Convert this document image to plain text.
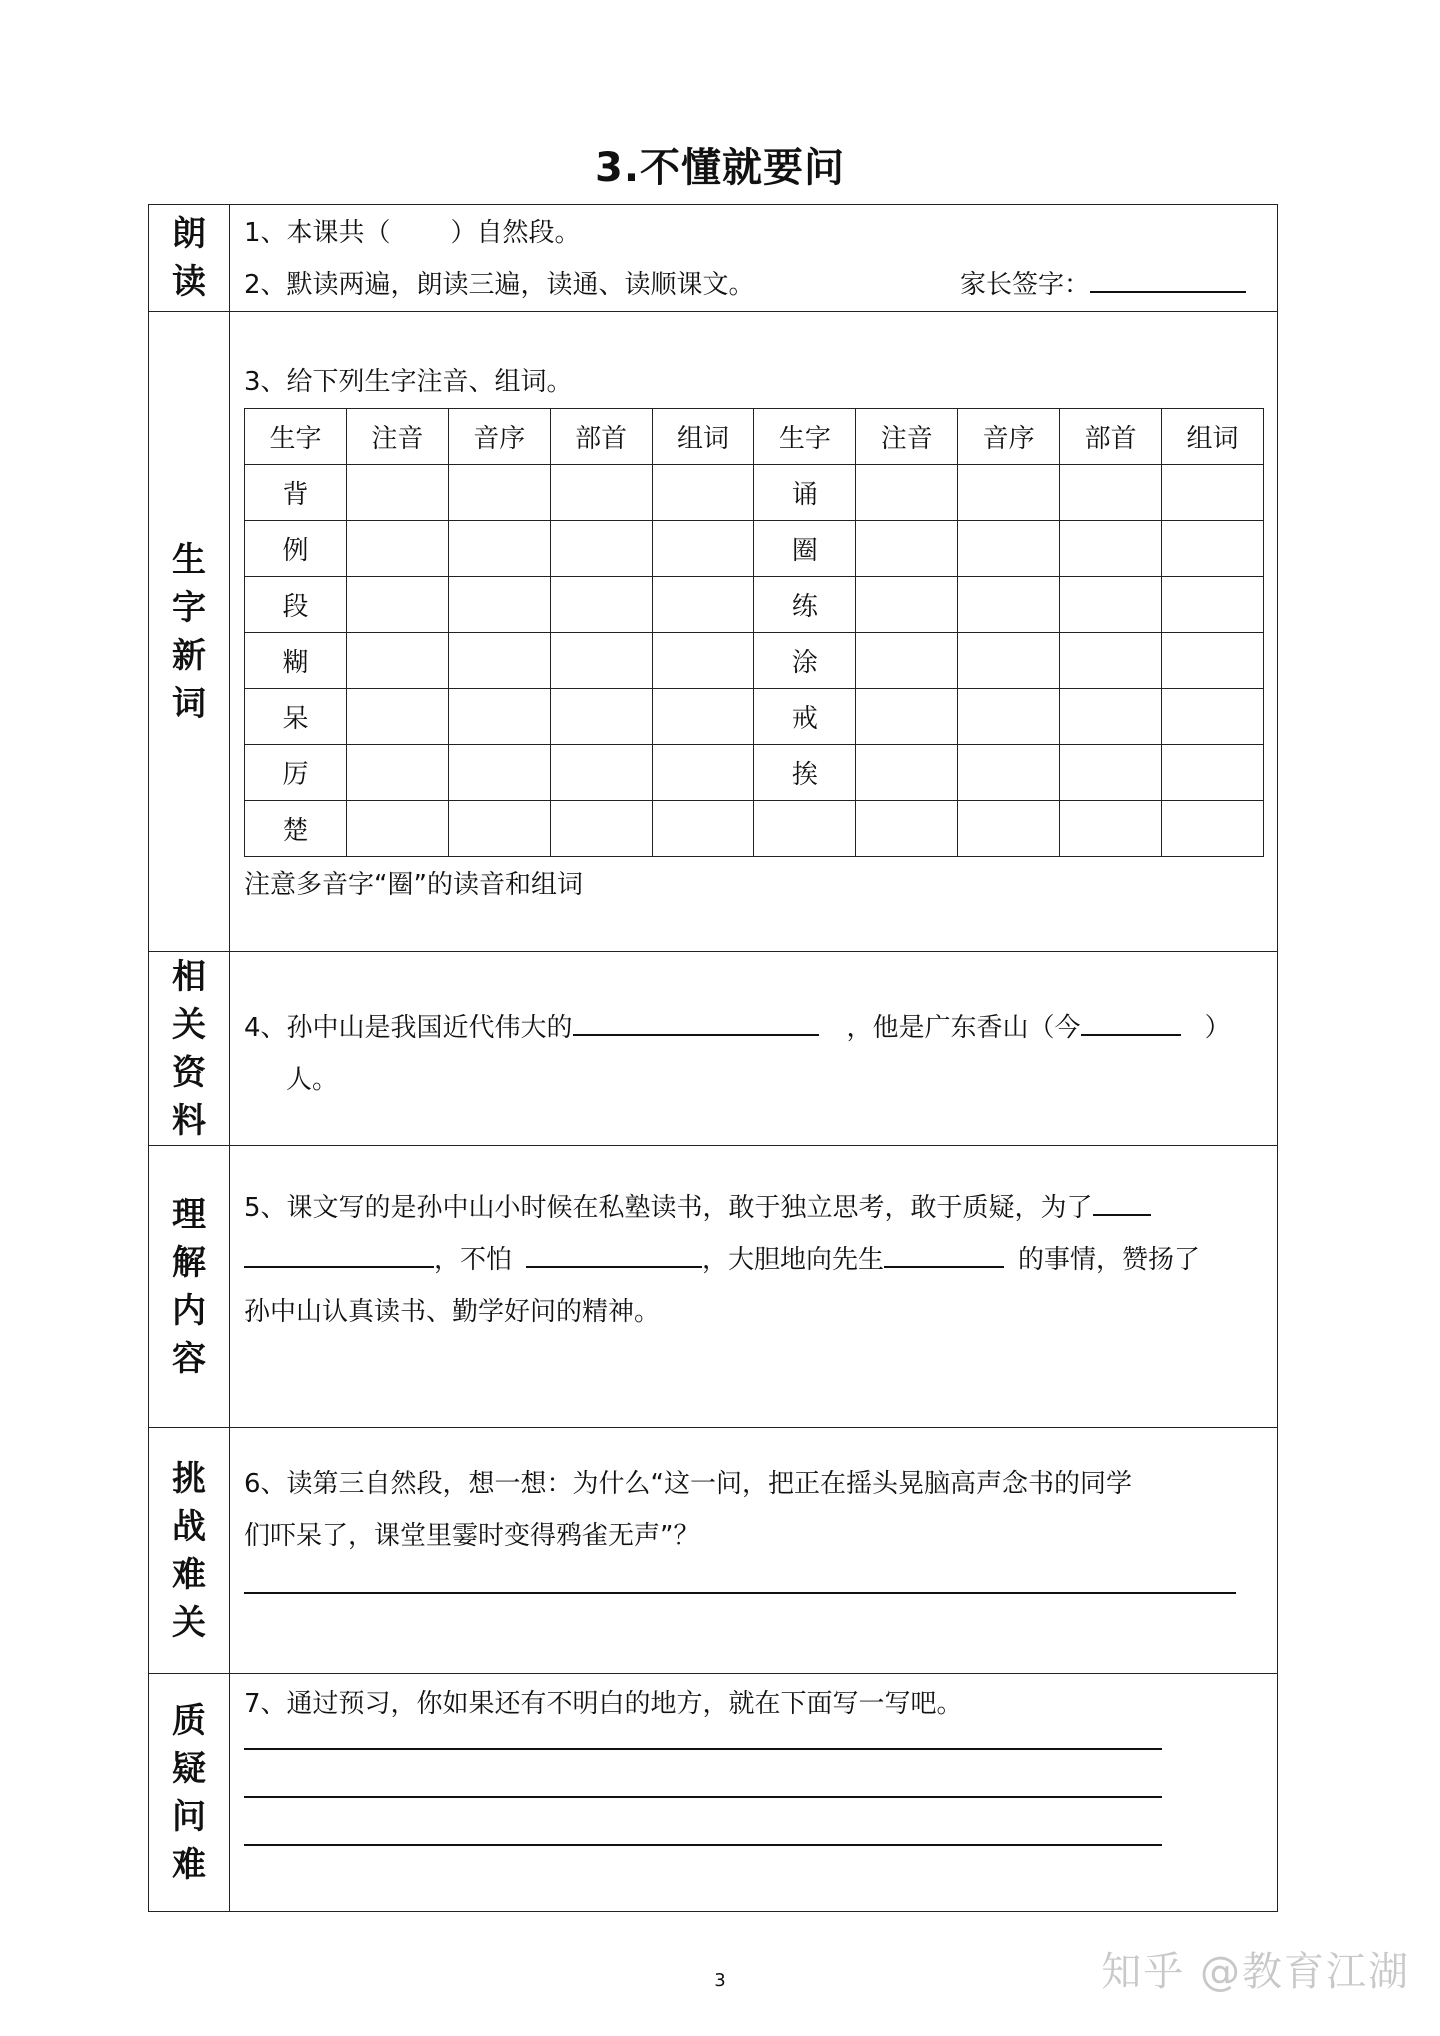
3.不懂就要问
朗
读

1、本课共（ ）自然段。
2、默读两遍，朗读三遍，读通、读顺课文。	家长签字：

生
字
新
词

3、给下列生字注音、组词。
生字	注音	音序	部首	组词	生字	注音	音序	部首	组词
背					诵				
例					圈				
段					练				
糊					涂				
呆					戒				
厉					挨				
楚									
注意多音字“圈”的读音和组词

相
关
资
料

4、孙中山是我国近代伟大的	，他是广东香山（今	）
人。

理
解
内
容

5、课文写的是孙中山小时候在私塾读书，敢于独立思考，敢于质疑，为了
，不怕	，大胆地向先生	的事情，赞扬了
孙中山认真读书、勤学好问的精神。

挑
战
难
关

6、读第三自然段，想一想：为什么“这一问，把正在摇头晃脑高声念书的同学
们吓呆了，课堂里霎时变得鸦雀无声”？

质
疑
问
难

7、通过预习，你如果还有不明白的地方，就在下面写一写吧。
3	知乎 @教育江湖
